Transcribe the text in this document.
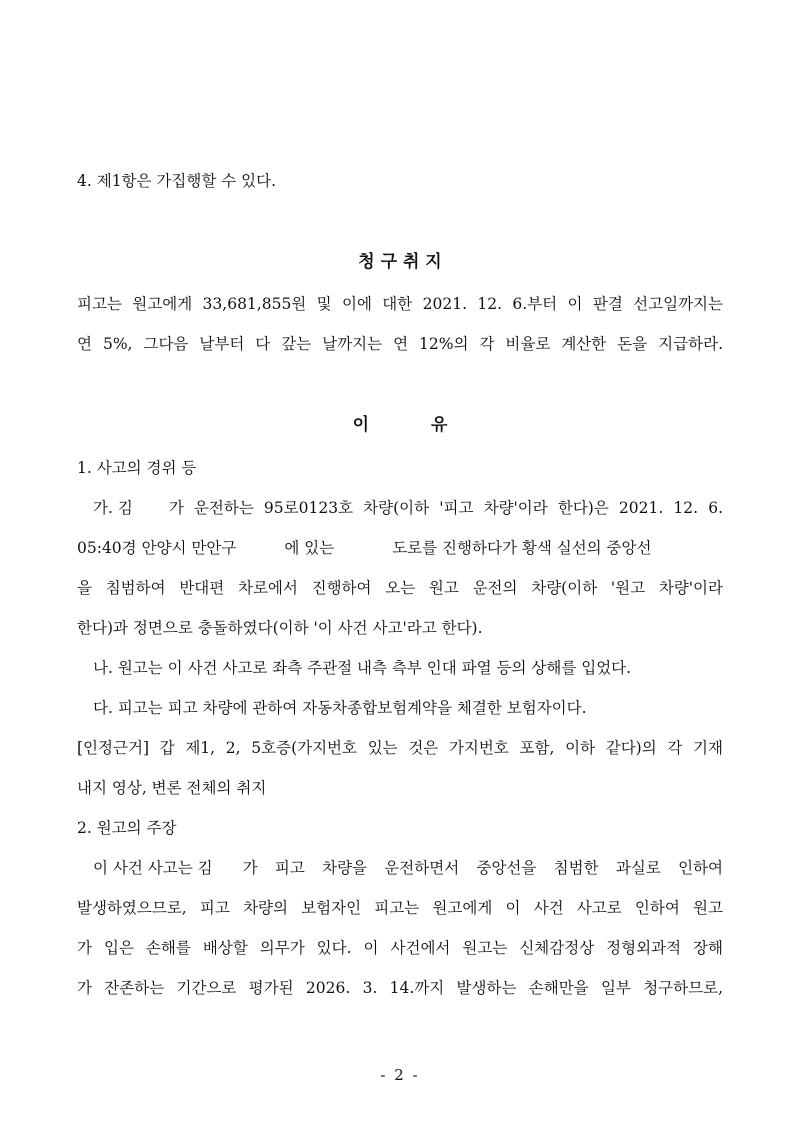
4. 제1항은 가집행할 수 있다.
청 구 취 지
피고는 원고에게 33,681,855원 및 이에 대한 2021. 12. 6.부터 이 판결 선고일까지는
연 5%, 그다음 날부터 다 갚는 날까지는 연 12%의 각 비율로 계산한 돈을 지급하라.
이	유
1. 사고의 경위 등
가. 김 가 운전하는 95로0123호 차량(이하 '피고 차량'이라 한다)은 2021. 12. 6.
05:40경 안양시 만안구	에 있는	도로를 진행하다가 황색 실선의 중앙선
을 침범하여 반대편 차로에서 진행하여 오는 원고 운전의 차량(이하 '원고 차량'이라
한다)과 정면으로 충돌하였다(이하 '이 사건 사고'라고 한다).
나. 원고는 이 사건 사고로 좌측 주관절 내측 측부 인대 파열 등의 상해를 입었다.
다. 피고는 피고 차량에 관하여 자동차종합보험계약을 체결한 보험자이다.
[인정근거] 갑 제1, 2, 5호증(가지번호 있는 것은 가지번호 포함, 이하 같다)의 각 기재
내지 영상, 변론 전체의 취지
2. 원고의 주장
이 사건 사고는 김 가 피고 차량을 운전하면서 중앙선을 침범한 과실로 인하여
발생하였으므로, 피고 차량의 보험자인 피고는 원고에게 이 사건 사고로 인하여 원고
가 입은 손해를 배상할 의무가 있다. 이 사건에서 원고는 신체감정상 정형외과적 장해
가 잔존하는 기간으로 평가된 2026. 3. 14.까지 발생하는 손해만을 일부 청구하므로,
- 2 -
